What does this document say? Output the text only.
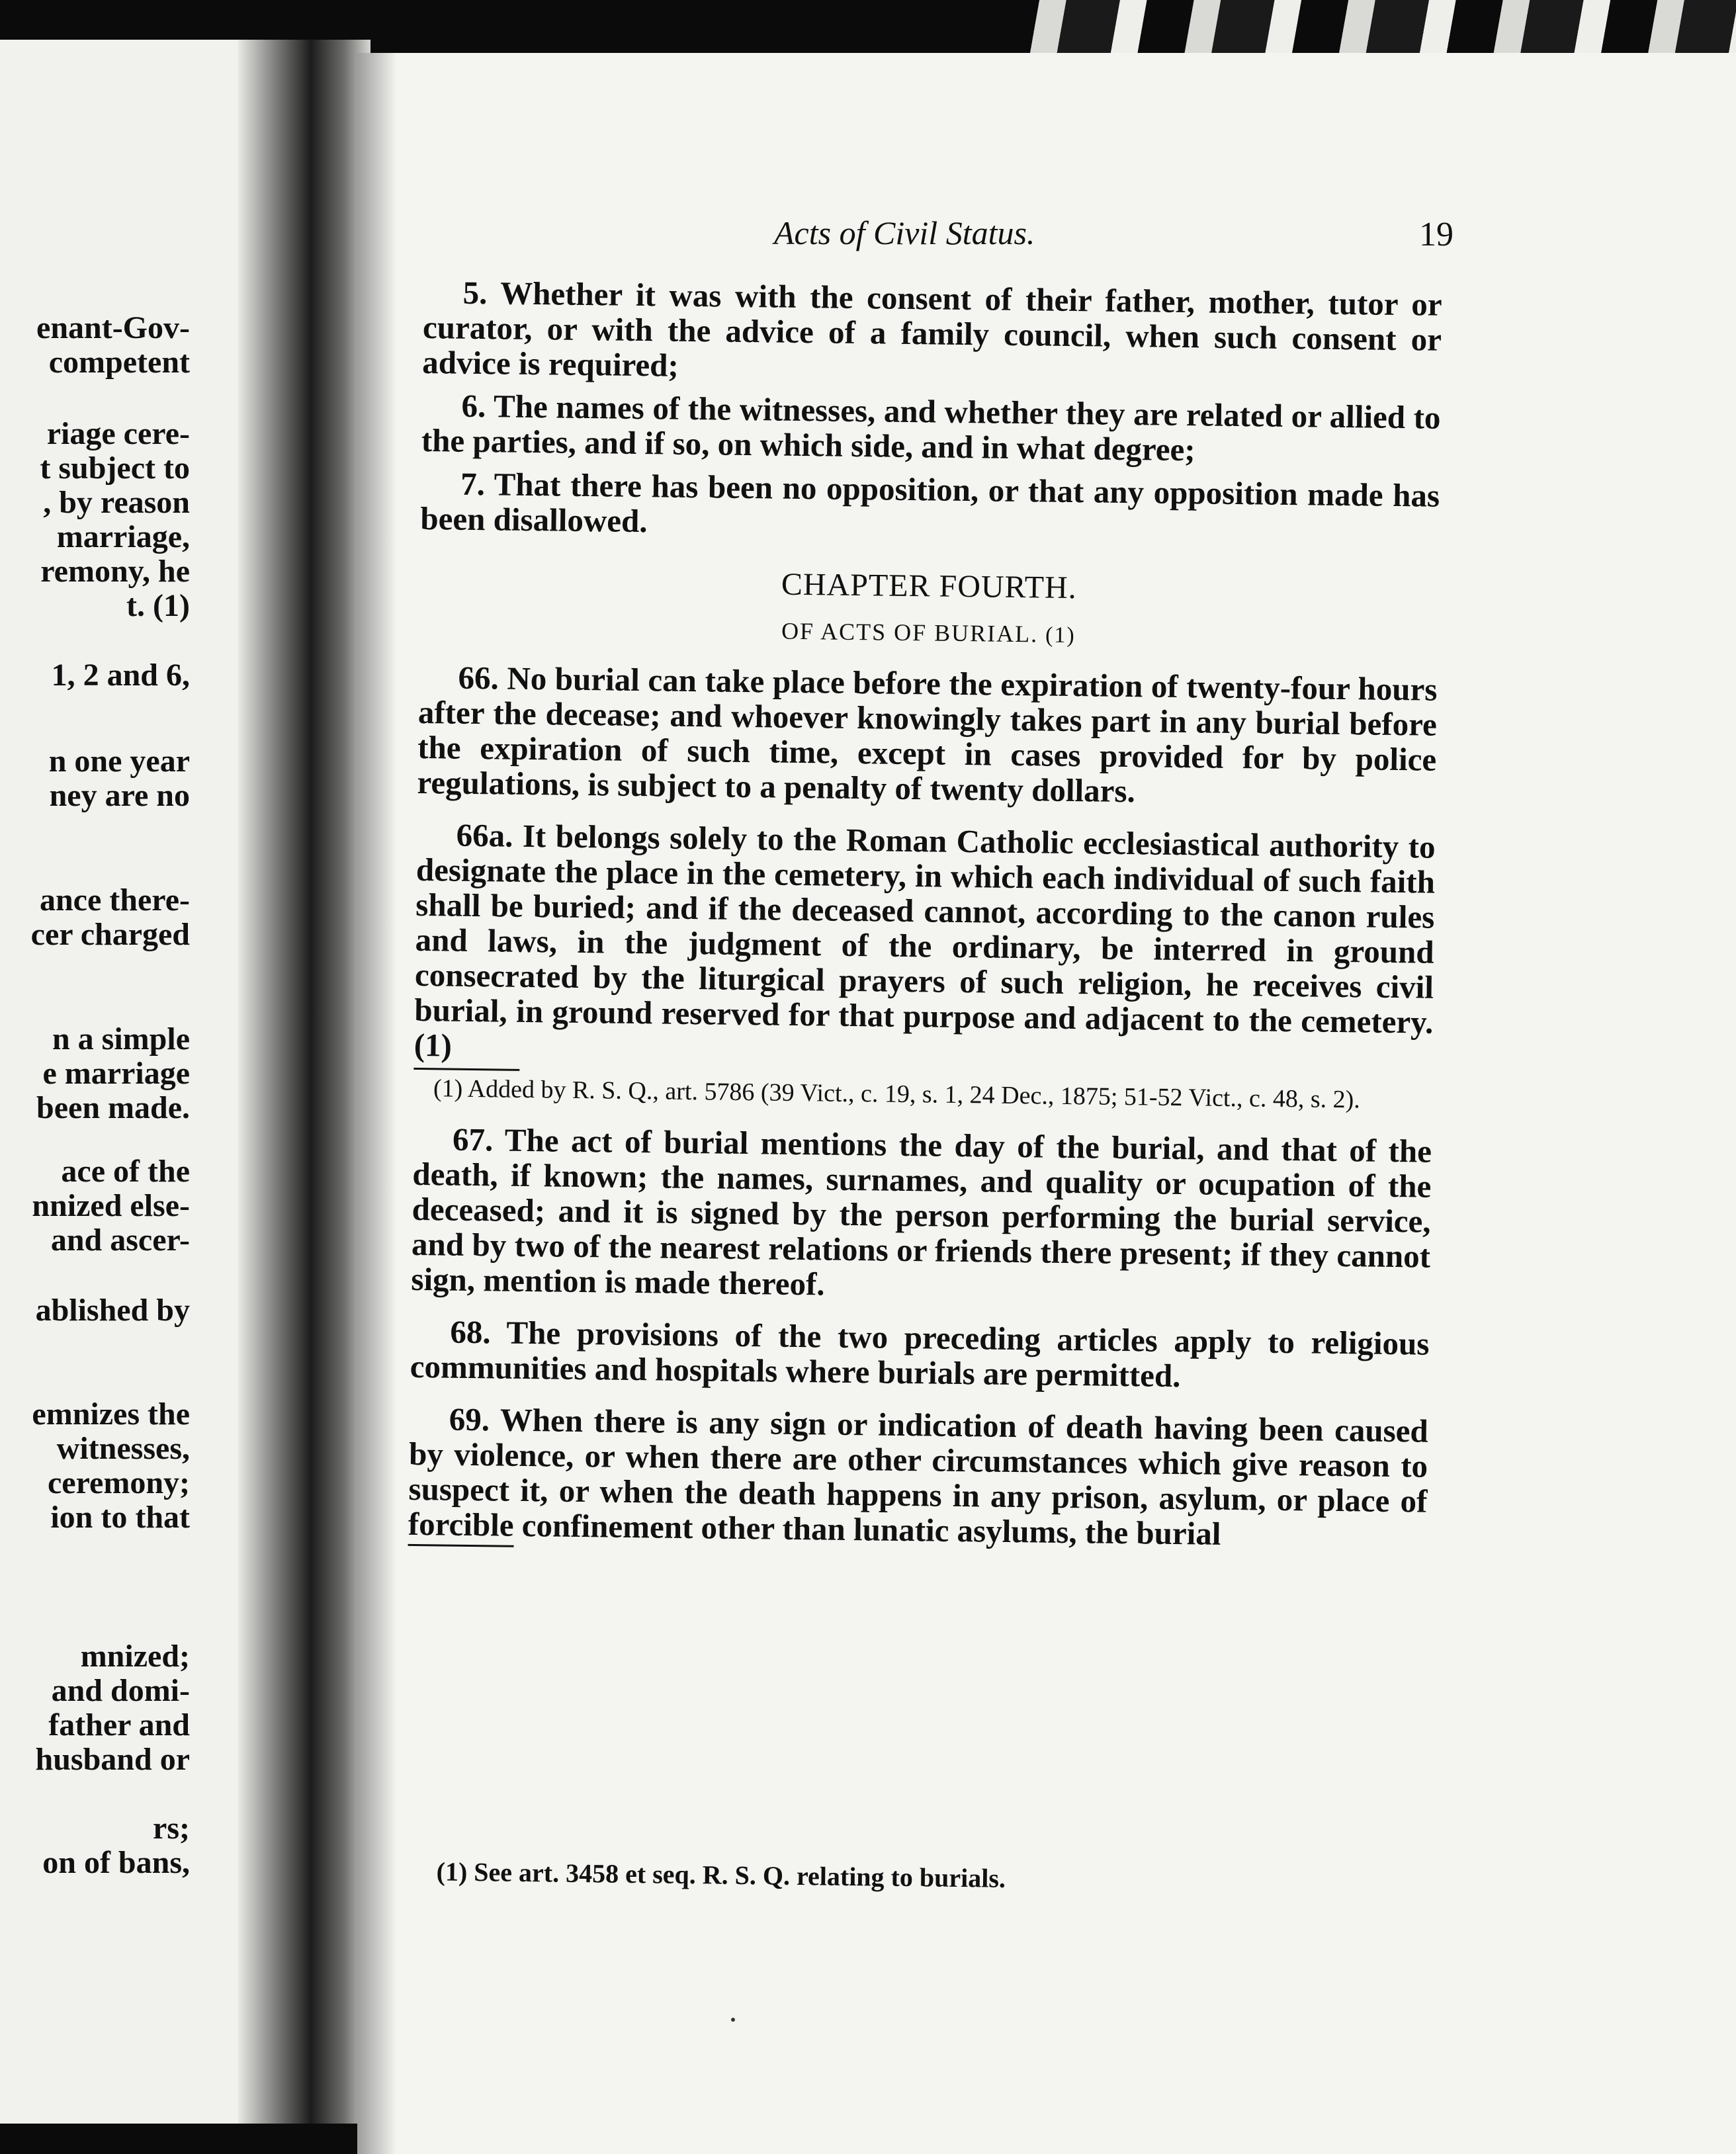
enant-Gov-
competent
riage cere-
t subject to
, by reason
marriage,
remony, he
t. (1)
1, 2 and 6,
n one year
ney are no
ance there-
cer charged
n a simple
e marriage
been made.
ace of the
nnized else-
and ascer-
ablished by
emnizes the
witnesses,
ceremony;
ion to that
mnized;
and domi-
father and
husband or
rs;
on of bans,
Acts of Civil Status.	19

5. Whether it was with the consent of their father, mother, tutor or curator, or with the advice of a family council, when such consent or advice is required;

6. The names of the witnesses, and whether they are related or allied to the parties, and if so, on which side, and in what degree;

7. That there has been no opposition, or that any opposition made has been disallowed.

CHAPTER FOURTH.
OF ACTS OF BURIAL. (1)

66. No burial can take place before the expiration of twenty-four hours after the decease; and whoever knowingly takes part in any burial before the expiration of such time, except in cases provided for by police regulations, is subject to a penalty of twenty dollars.

66a. It belongs solely to the Roman Catholic ecclesiastical authority to designate the place in the cemetery, in which each individual of such faith shall be buried; and if the deceased cannot, according to the canon rules and laws, in the judgment of the ordinary, be interred in ground consecrated by the liturgical prayers of such religion, he receives civil burial, in ground reserved for that purpose and adjacent to the cemetery. (1)

(1) Added by R. S. Q., art. 5786 (39 Vict., c. 19, s. 1, 24 Dec., 1875; 51-52 Vict., c. 48, s. 2).

67. The act of burial mentions the day of the burial, and that of the death, if known; the names, surnames, and quality or ocupation of the deceased; and it is signed by the person performing the burial service, and by two of the nearest relations or friends there present; if they cannot sign, mention is made thereof.

68. The provisions of the two preceding articles apply to religious communities and hospitals where burials are permitted.

69. When there is any sign or indication of death having been caused by violence, or when there are other circumstances which give reason to suspect it, or when the death happens in any prison, asylum, or place of forcible confinement other than lunatic asylums, the burial

(1) See art. 3458 et seq. R. S. Q. relating to burials.
